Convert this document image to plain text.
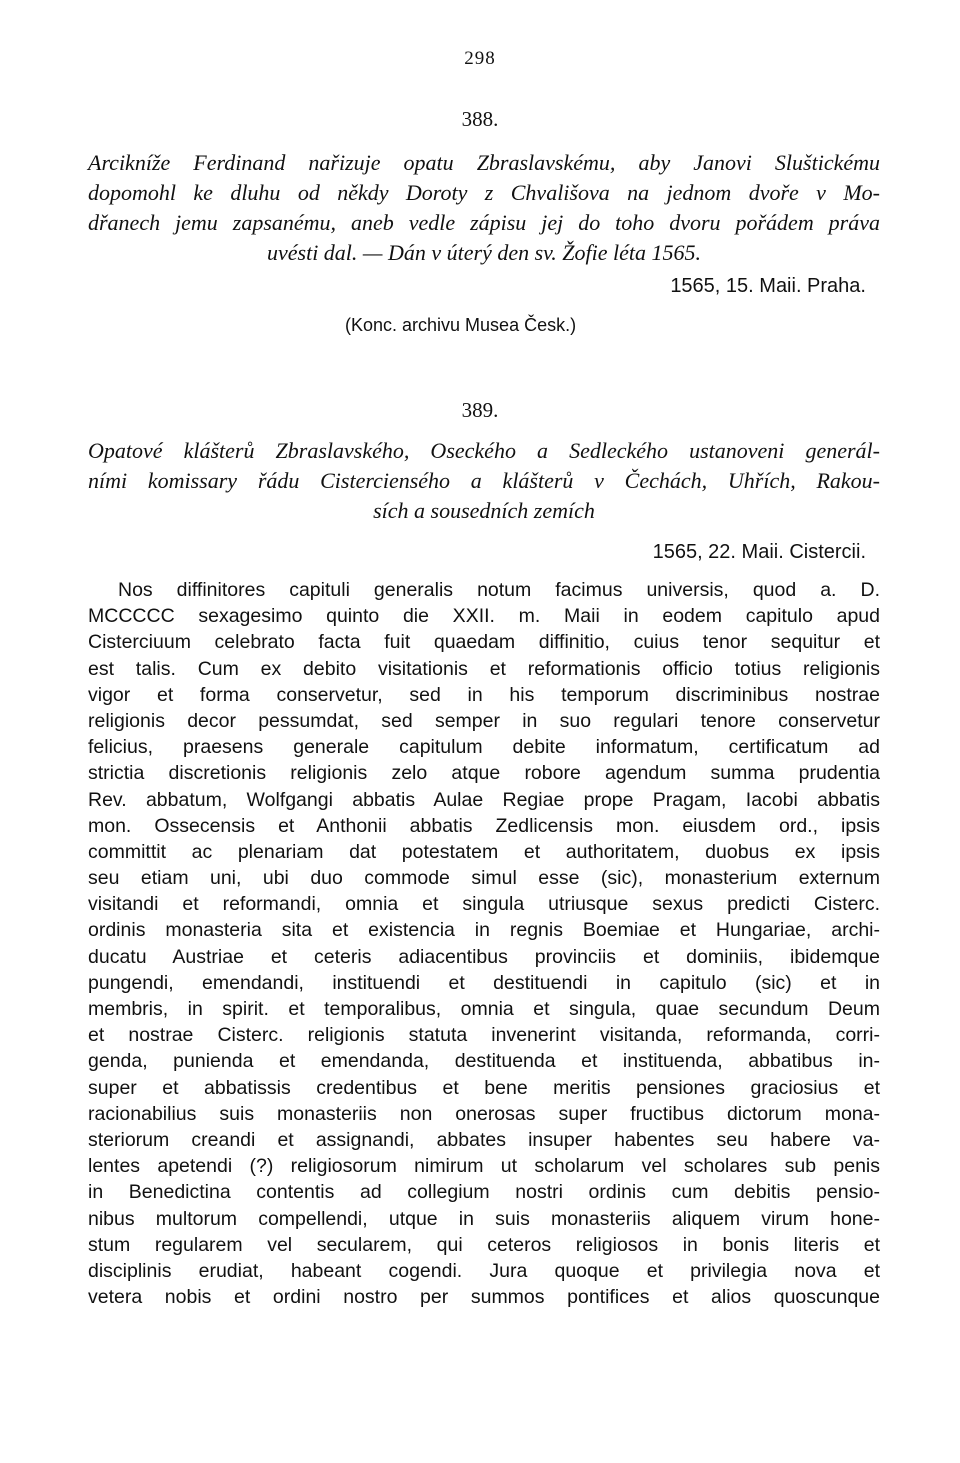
298
388.
Arcikníže Ferdinand nařizuje opatu Zbraslavskému, aby Janovi Sluštickému
dopomohl ke dluhu od někdy Doroty z Chvališova na jednom dvoře v Mo-
dřanech jemu zapsanému, aneb vedle zápisu jej do toho dvoru pořádem práva
uvésti dal. — Dán v úterý den sv. Žofie léta 1565.
1565, 15. Maii. Praha.
(Konc. archivu Musea Česk.)
389.
Opatové klášterů Zbraslavského, Oseckého a Sedleckého ustanoveni generál-
ními komissary řádu Cisterciensého a klášterů v Čechách, Uhřích, Rakou-
sích a sousedních zemích
1565, 22. Maii. Cistercii.
Nos diffinitores capituli generalis notum facimus universis, quod a. D.
MCCCCC sexagesimo quinto die XXII. m. Maii in eodem capitulo apud
Cisterciuum celebrato facta fuit quaedam diffinitio, cuius tenor sequitur et
est talis. Cum ex debito visitationis et reformationis officio totius religionis
vigor et forma conservetur, sed in his temporum discriminibus nostrae
religionis decor pessumdat, sed semper in suo regulari tenore conservetur
felicius, praesens generale capitulum debite informatum, certificatum ad
strictia discretionis religionis zelo atque robore agendum summa prudentia
Rev. abbatum, Wolfgangi abbatis Aulae Regiae prope Pragam, Iacobi abbatis
mon. Ossecensis et Anthonii abbatis Zedlicensis mon. eiusdem ord., ipsis
committit ac plenariam dat potestatem et authoritatem, duobus ex ipsis
seu etiam uni, ubi duo commode simul esse (sic), monasterium externum
visitandi et reformandi, omnia et singula utriusque sexus predicti Cisterc.
ordinis monasteria sita et existencia in regnis Boemiae et Hungariae, archi-
ducatu Austriae et ceteris adiacentibus provinciis et dominiis, ibidemque
pungendi, emendandi, instituendi et destituendi in capitulo (sic) et in
membris, in spirit. et temporalibus, omnia et singula, quae secundum Deum
et nostrae Cisterc. religionis statuta invenerint visitanda, reformanda, corri-
genda, punienda et emendanda, destituenda et instituenda, abbatibus in-
super et abbatissis credentibus et bene meritis pensiones graciosius et
racionabilius suis monasteriis non onerosas super fructibus dictorum mona-
steriorum creandi et assignandi, abbates insuper habentes seu habere va-
lentes apetendi (?) religiosorum nimirum ut scholarum vel scholares sub penis
in Benedictina contentis ad collegium nostri ordinis cum debitis pensio-
nibus multorum compellendi, utque in suis monasteriis aliquem virum hone-
stum regularem vel secularem, qui ceteros religiosos in bonis literis et
disciplinis erudiat, habeant cogendi. Jura quoque et privilegia nova et
vetera nobis et ordini nostro per summos pontifices et alios quoscunque
